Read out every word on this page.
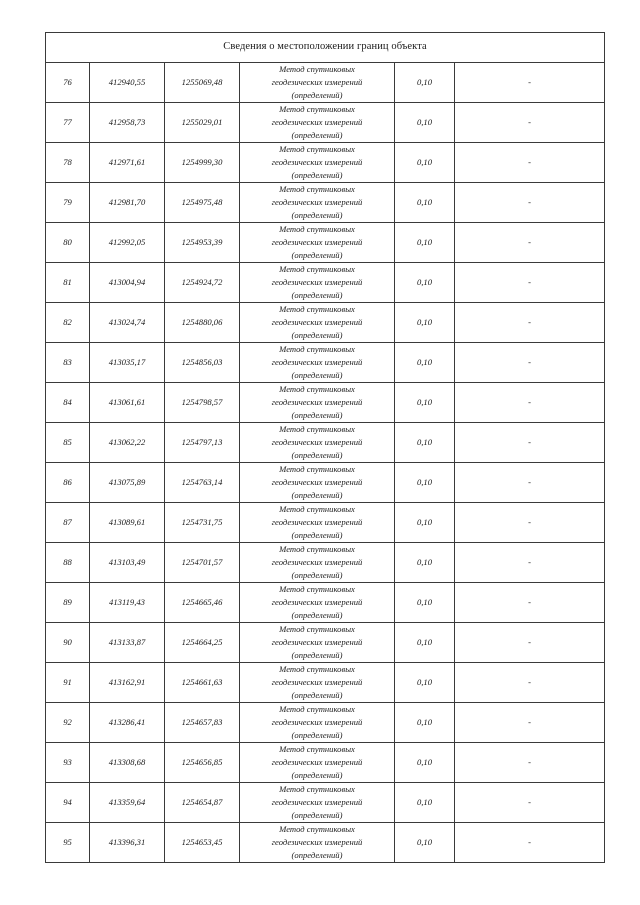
Сведения о местоположении границ объекта					
76	412940,55	1255069,48	Метод спутниковых
геодезических измерений
(определений)	0,10	-
77	412958,73	1255029,01	Метод спутниковых
геодезических измерений
(определений)	0,10	-
78	412971,61	1254999,30	Метод спутниковых
геодезических измерений
(определений)	0,10	-
79	412981,70	1254975,48	Метод спутниковых
геодезических измерений
(определений)	0,10	-
80	412992,05	1254953,39	Метод спутниковых
геодезических измерений
(определений)	0,10	-
81	413004,94	1254924,72	Метод спутниковых
геодезических измерений
(определений)	0,10	-
82	413024,74	1254880,06	Метод спутниковых
геодезических измерений
(определений)	0,10	-
83	413035,17	1254856,03	Метод спутниковых
геодезических измерений
(определений)	0,10	-
84	413061,61	1254798,57	Метод спутниковых
геодезических измерений
(определений)	0,10	-
85	413062,22	1254797,13	Метод спутниковых
геодезических измерений
(определений)	0,10	-
86	413075,89	1254763,14	Метод спутниковых
геодезических измерений
(определений)	0,10	-
87	413089,61	1254731,75	Метод спутниковых
геодезических измерений
(определений)	0,10	-
88	413103,49	1254701,57	Метод спутниковых
геодезических измерений
(определений)	0,10	-
89	413119,43	1254665,46	Метод спутниковых
геодезических измерений
(определений)	0,10	-
90	413133,87	1254664,25	Метод спутниковых
геодезических измерений
(определений)	0,10	-
91	413162,91	1254661,63	Метод спутниковых
геодезических измерений
(определений)	0,10	-
92	413286,41	1254657,83	Метод спутниковых
геодезических измерений
(определений)	0,10	-
93	413308,68	1254656,85	Метод спутниковых
геодезических измерений
(определений)	0,10	-
94	413359,64	1254654,87	Метод спутниковых
геодезических измерений
(определений)	0,10	-
95	413396,31	1254653,45	Метод спутниковых
геодезических измерений
(определений)	0,10	-
